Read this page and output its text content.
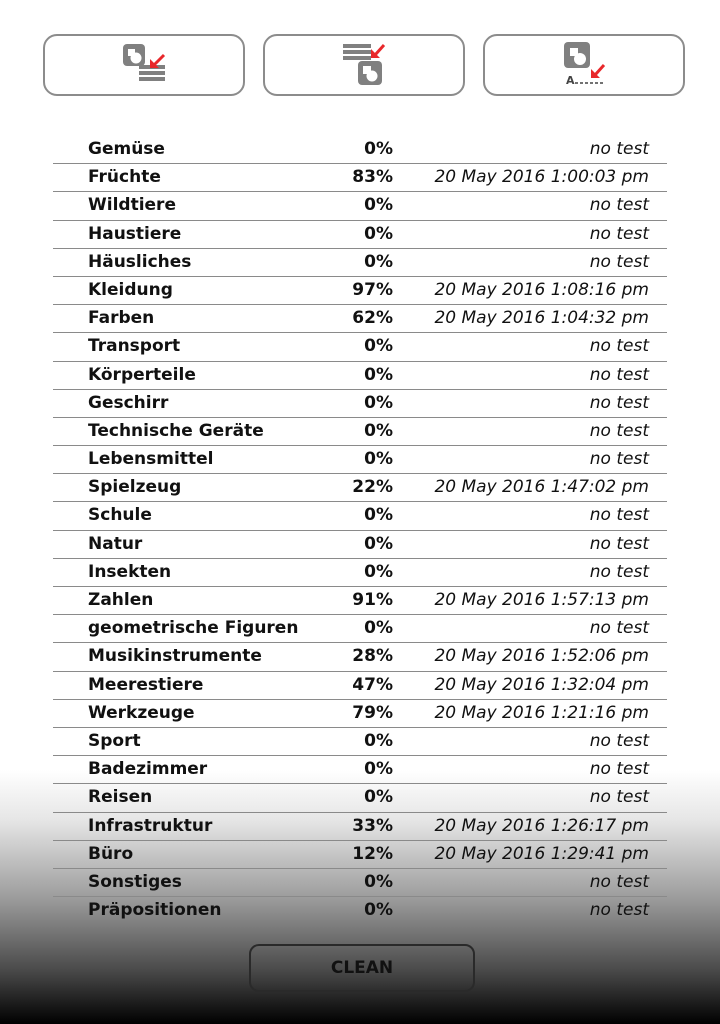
A
Gemüse	0%	no test
Früchte	83% 20 May 2016 1:00:03 pm
Wildtiere	0%	no test
Haustiere	0%	no test
Häusliches	0%	no test
Kleidung	97% 20 May 2016 1:08:16 pm
Farben	62% 20 May 2016 1:04:32 pm
Transport	0%	no test
Körperteile	0%	no test
Geschirr	0%	no test
Technische Geräte	0%	no test
Lebensmittel	0%	no test
Spielzeug	22% 20 May 2016 1:47:02 pm
Schule	0%	no test
Natur	0%	no test
Insekten	0%	no test
Zahlen	91% 20 May 2016 1:57:13 pm
geometrische Figuren	0%	no test
Musikinstrumente	28% 20 May 2016 1:52:06 pm
Meerestiere	47% 20 May 2016 1:32:04 pm
Werkzeuge	79% 20 May 2016 1:21:16 pm
Sport	0%	no test
Badezimmer	0%	no test
Reisen	0%	no test
Infrastruktur	33% 20 May 2016 1:26:17 pm
Büro	12% 20 May 2016 1:29:41 pm
Sonstiges	0%	no test
Präpositionen	0%	no test
CLEAN
